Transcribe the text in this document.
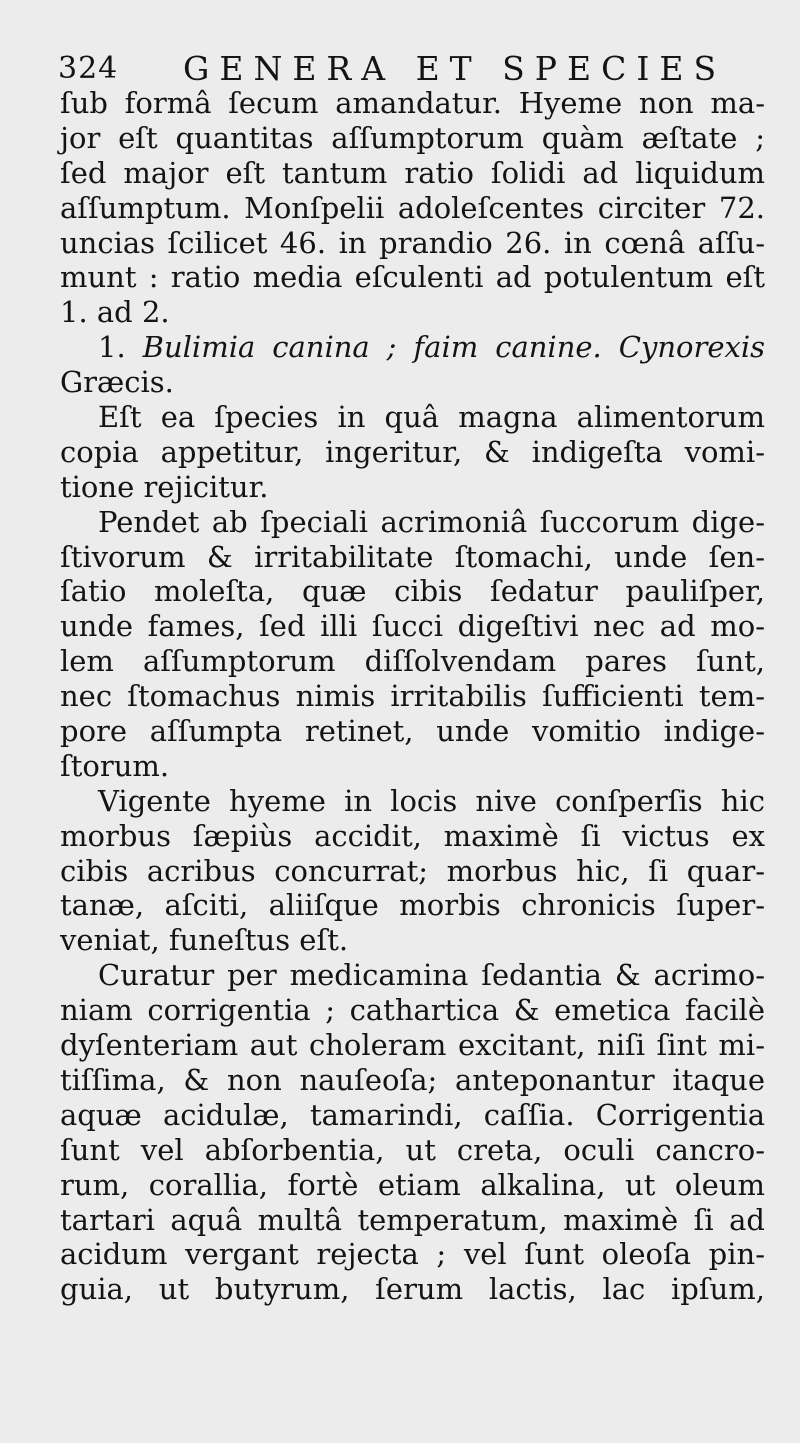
324 GENERA ET SPECIES
ſub formâ ſecum amandatur. Hyeme non ma-
jor eſt quantitas aſſumptorum quàm æſtate ;
ſed major eſt tantum ratio ſolidi ad liquidum
aſſumptum. Monſpelii adoleſcentes circiter 72.
uncias ſcilicet 46. in prandio 26. in cœnâ aſſu-
munt : ratio media eſculenti ad potulentum eſt
1. ad 2.
1. Bulimia canina ; faim canine. Cynorexis
Græcis.
Eſt ea ſpecies in quâ magna alimentorum
copia appetitur, ingeritur, & indigeſta vomi-
tione rejicitur.
Pendet ab ſpeciali acrimoniâ ſuccorum dige-
ſtivorum & irritabilitate ſtomachi, unde ſen-
ſatio moleſta, quæ cibis ſedatur pauliſper,
unde fames, ſed illi ſucci digeſtivi nec ad mo-
lem aſſumptorum diſſolvendam pares ſunt,
nec ſtomachus nimis irritabilis ſufficienti tem-
pore aſſumpta retinet, unde vomitio indige-
ſtorum.
Vigente hyeme in locis nive conſperſis hic
morbus ſæpiùs accidit, maximè ſi victus ex
cibis acribus concurrat; morbus hic, ſi quar-
tanæ, aſciti, aliiſque morbis chronicis ſuper-
veniat, funeſtus eſt.
Curatur per medicamina ſedantia & acrimo-
niam corrigentia ; cathartica & emetica facilè
dyſenteriam aut choleram excitant, niſi ſint mi-
tiſſima, & non nauſeoſa; anteponantur itaque
aquæ acidulæ, tamarindi, caſſia. Corrigentia
ſunt vel abſorbentia, ut creta, oculi cancro-
rum, corallia, fortè etiam alkalina, ut oleum
tartari aquâ multâ temperatum, maximè ſi ad
acidum vergant rejecta ; vel ſunt oleoſa pin-
guia, ut butyrum, ſerum lactis, lac ipſum,
